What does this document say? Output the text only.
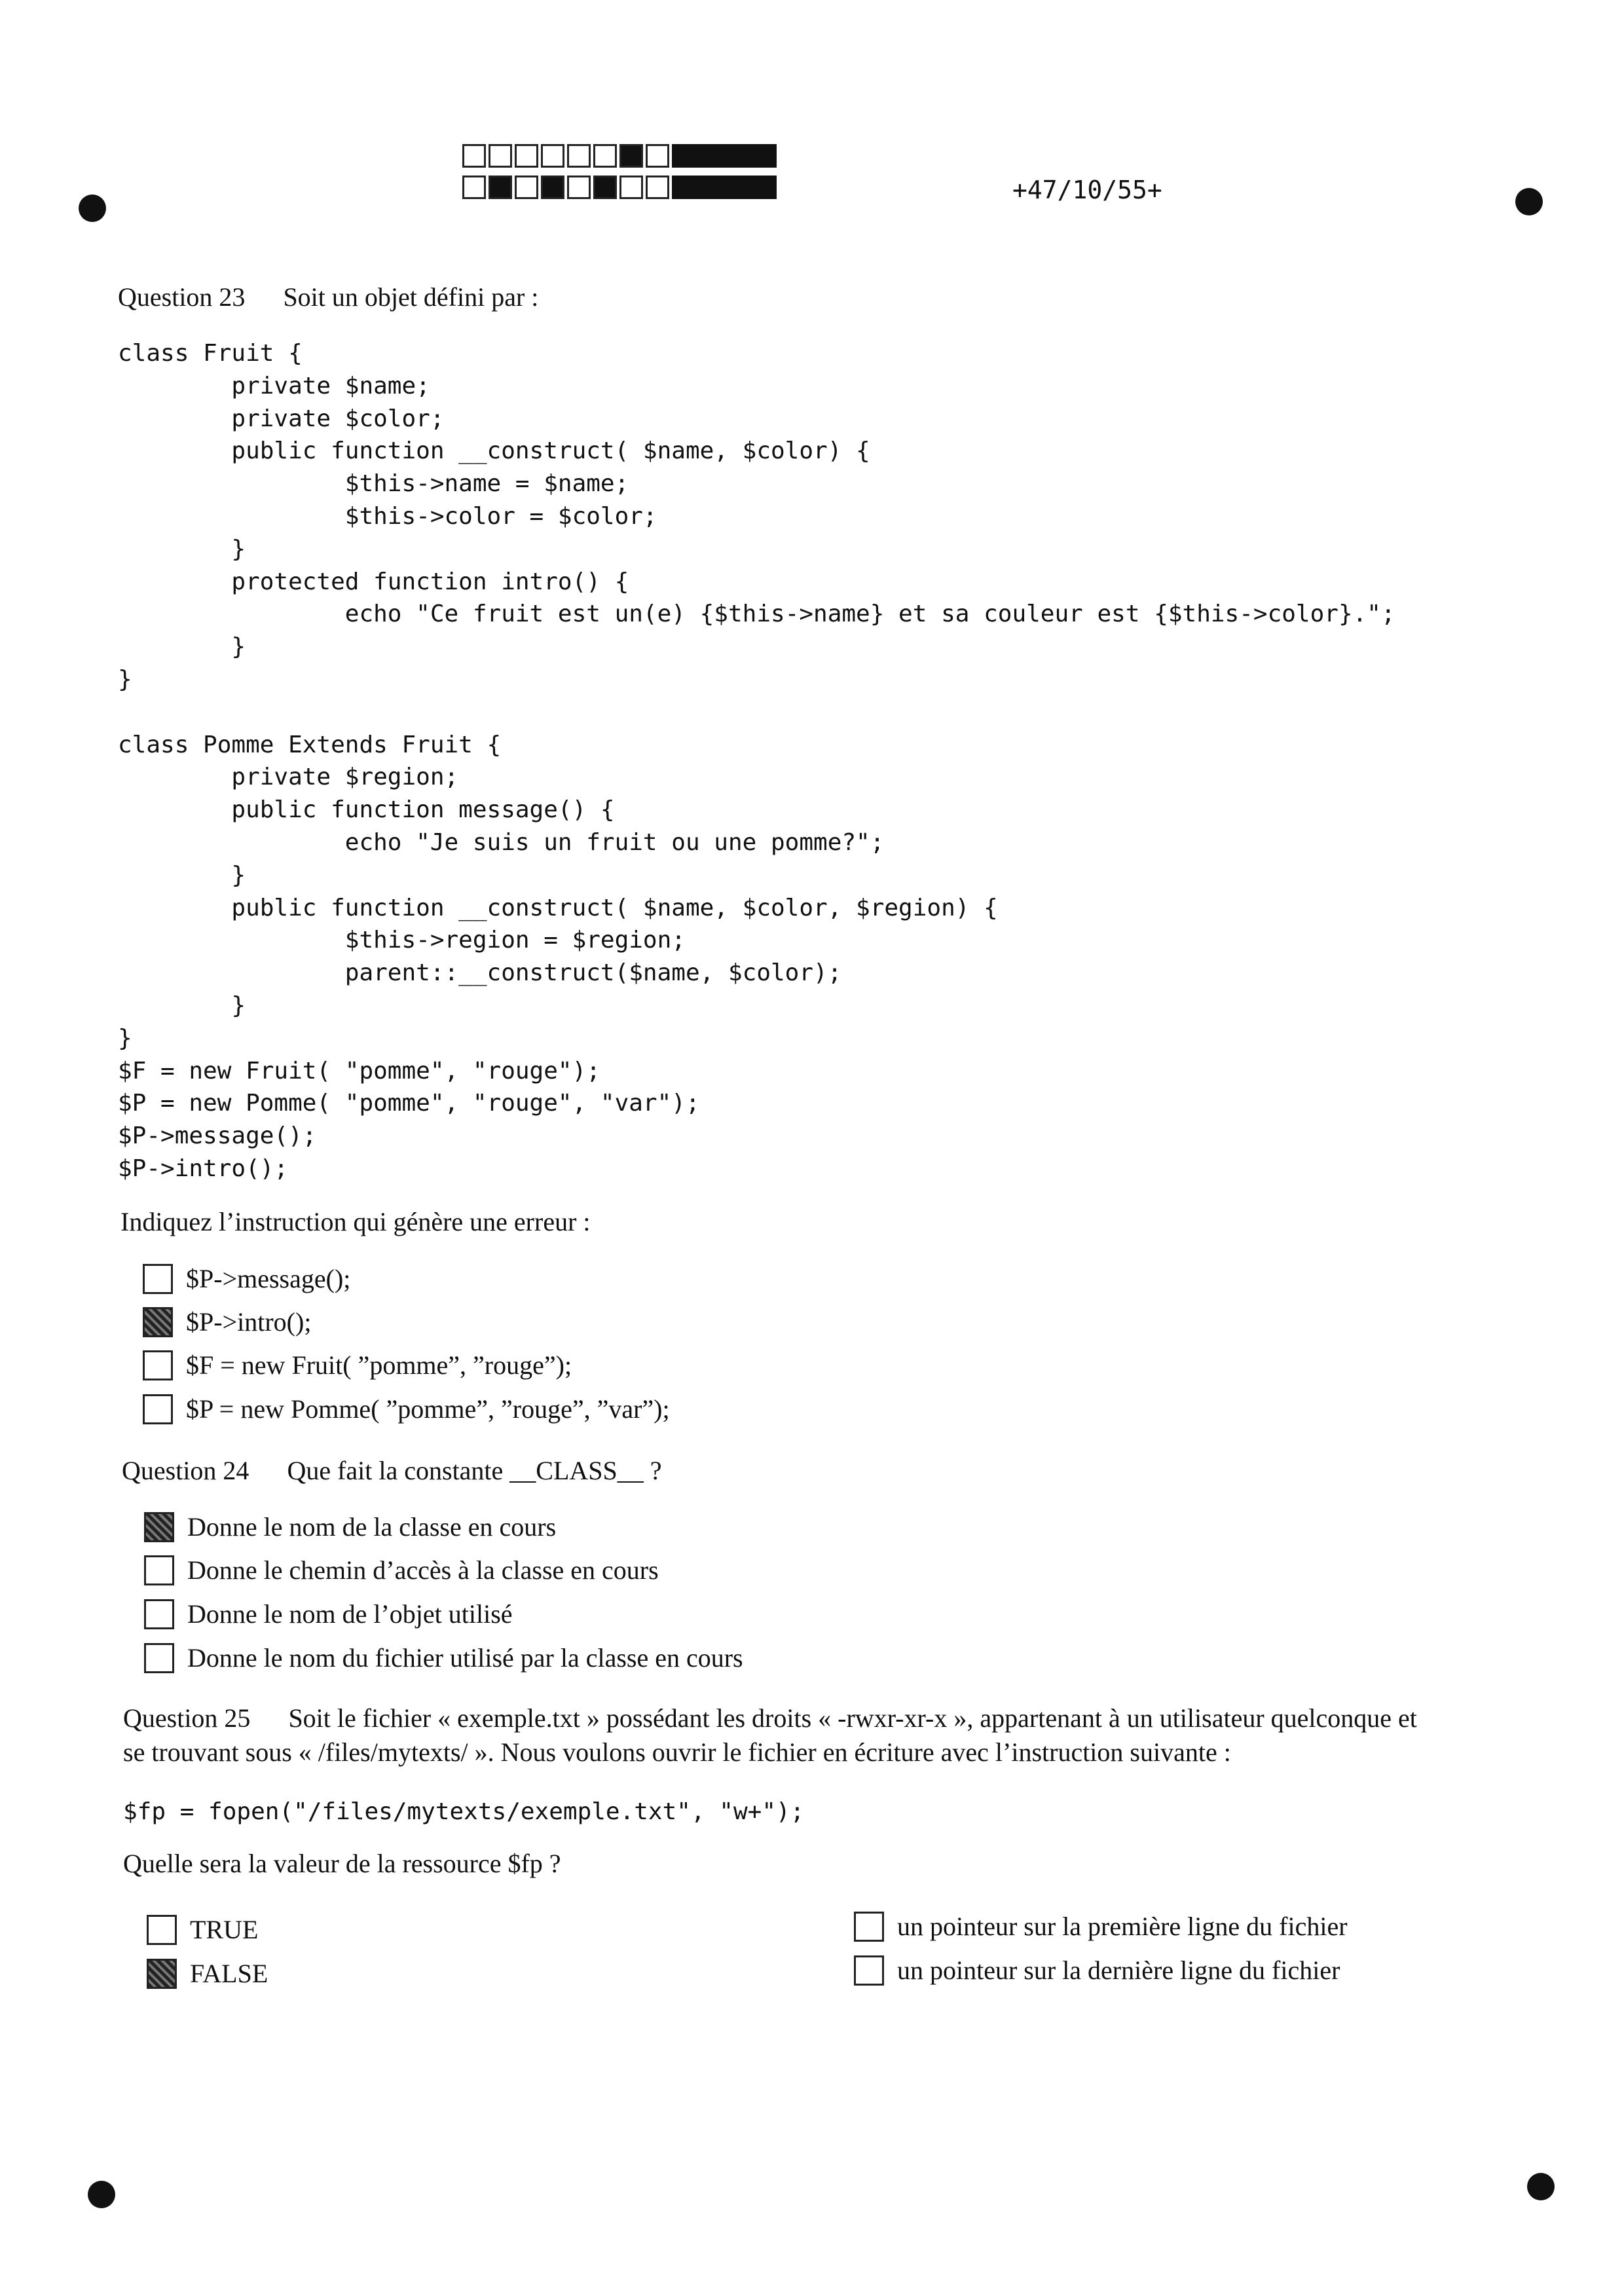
+47/10/55+
Question 23 Soit un objet défini par :
class Fruit {
private $name;
private $color;
public function __construct( $name, $color) {
$this->name = $name;
$this->color = $color;
}
protected function intro() {
echo "Ce fruit est un(e) {$this->name} et sa couleur est {$this->color}.";
}
}

class Pomme Extends Fruit {
private $region;
public function message() {
echo "Je suis un fruit ou une pomme?";
}
public function __construct( $name, $color, $region) {
$this->region = $region;
parent::__construct($name, $color);
}
}
$F = new Fruit( "pomme", "rouge");
$P = new Pomme( "pomme", "rouge", "var");
$P->message();
$P->intro();
Indiquez l’instruction qui génère une erreur :
$P->message();
$P->intro();
$F = new Fruit( ”pomme”, ”rouge”);
$P = new Pomme( ”pomme”, ”rouge”, ”var”);
Question 24 Que fait la constante __CLASS__ ?
Donne le nom de la classe en cours
Donne le chemin d’accès à la classe en cours
Donne le nom de l’objet utilisé
Donne le nom du fichier utilisé par la classe en cours
Question 25 Soit le fichier « exemple.txt » possédant les droits « -rwxr-xr-x », appartenant à un utilisateur quelconque et
se trouvant sous « /files/mytexts/ ». Nous voulons ouvrir le fichier en écriture avec l’instruction suivante :
$fp = fopen("/files/mytexts/exemple.txt", "w+");
Quelle sera la valeur de la ressource $fp ?
TRUE
FALSE
un pointeur sur la première ligne du fichier
un pointeur sur la dernière ligne du fichier
